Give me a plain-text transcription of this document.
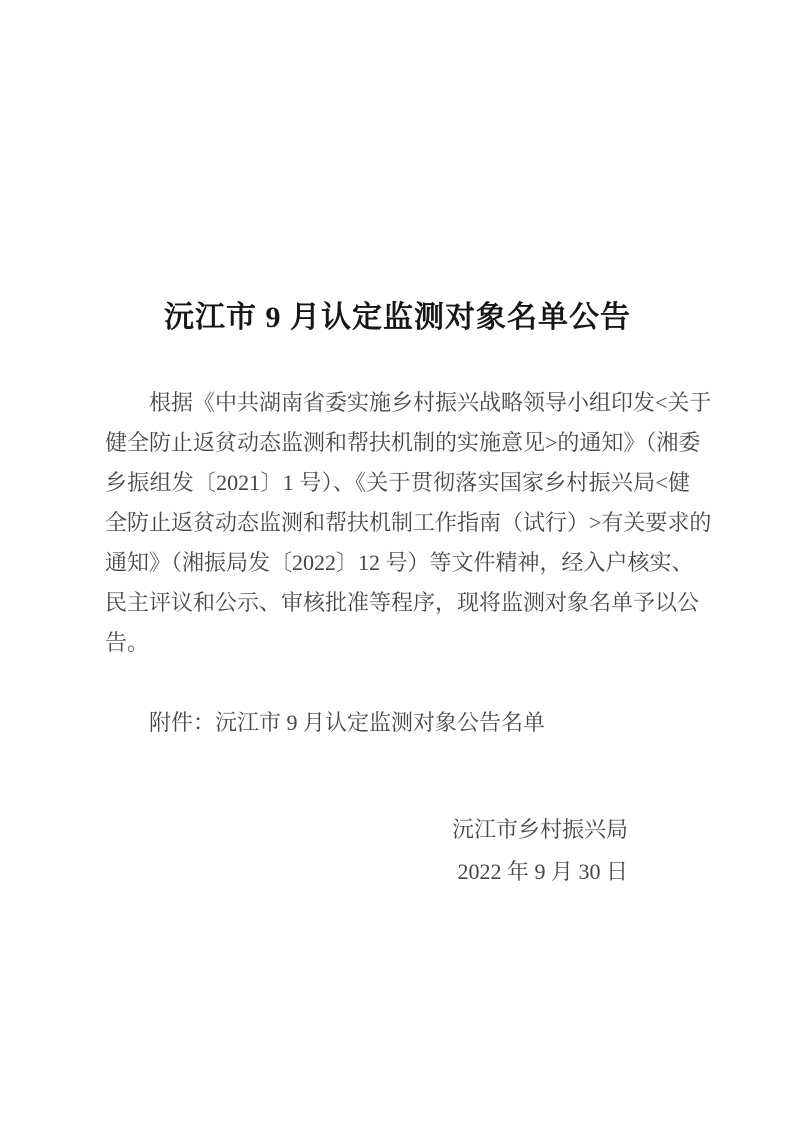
沅江市 9 月认定监测对象名单公告
根据《中共湖南省委实施乡村振兴战略领导小组印发<关于
健全防止返贫动态监测和帮扶机制的实施意见>的通知》（湘委
乡振组发〔2021〕1 号）、《关于贯彻落实国家乡村振兴局<健
全防止返贫动态监测和帮扶机制工作指南（试行）>有关要求的
通知》（湘振局发〔2022〕12 号）等文件精神，经入户核实、
民主评议和公示、审核批准等程序，现将监测对象名单予以公
告。
附件：沅江市 9 月认定监测对象公告名单
沅江市乡村振兴局
2022 年 9 月 30 日
